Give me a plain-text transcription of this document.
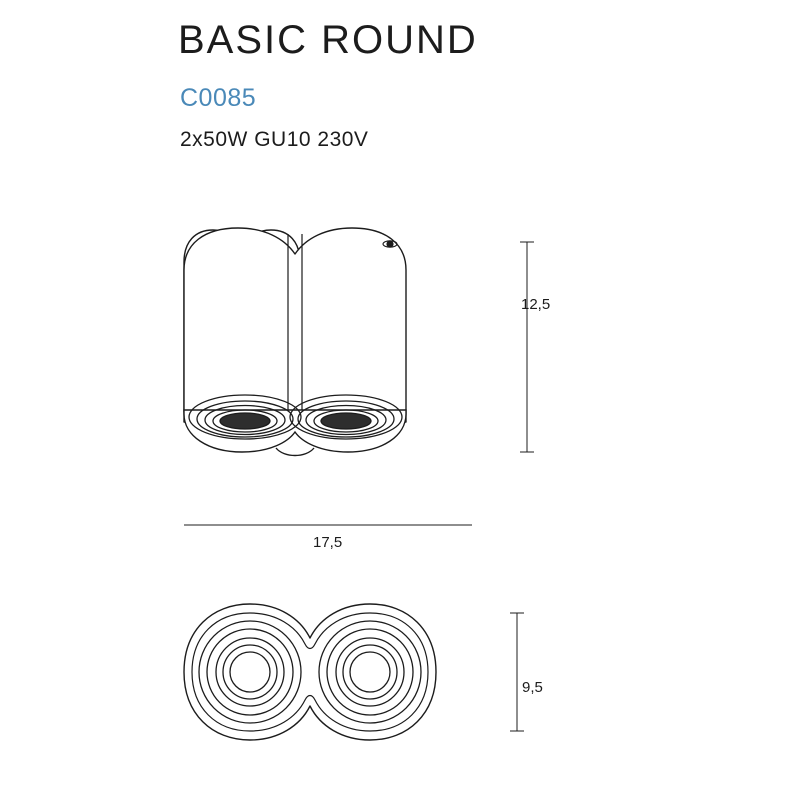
BASIC ROUND
C0085
2x50W GU10 230V
12,5
17,5
9,5
